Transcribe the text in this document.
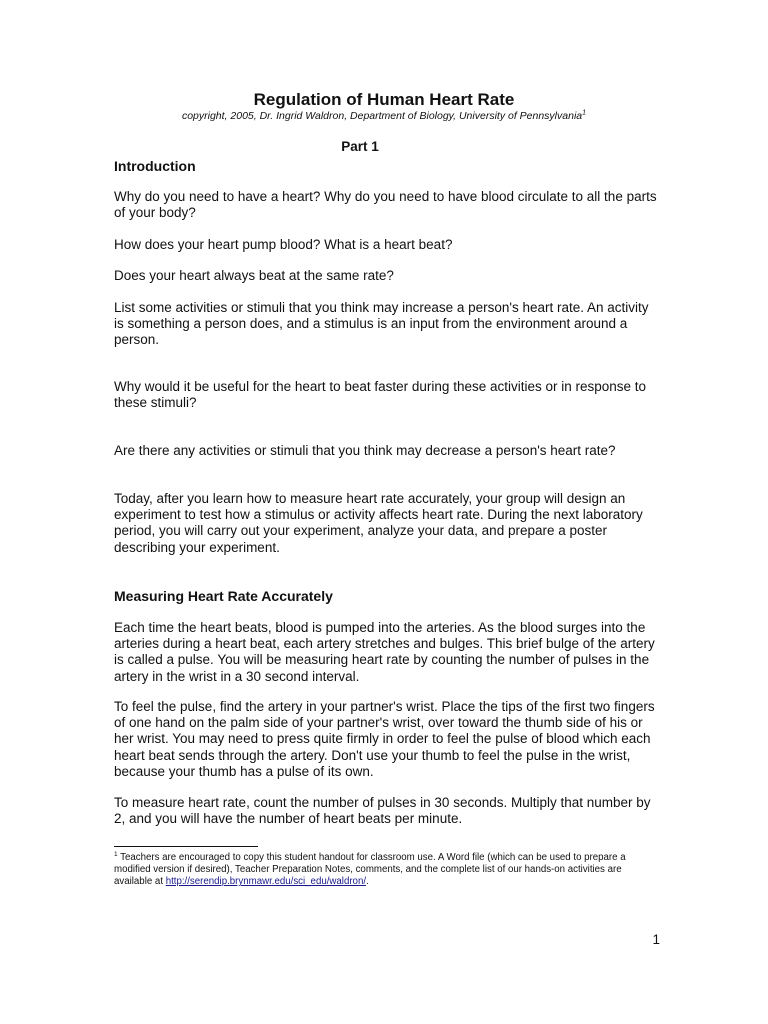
Regulation of Human Heart Rate
copyright, 2005, Dr. Ingrid Waldron, Department of Biology, University of Pennsylvania$^1$
Part 1
Introduction

Why do you need to have a heart? Why do you need to have blood circulate to all the parts of your body?

How does your heart pump blood? What is a heart beat?

Does your heart always beat at the same rate?

List some activities or stimuli that you think may increase a person's heart rate. An activity is something a person does, and a stimulus is an input from the environment around a person.

Why would it be useful for the heart to beat faster during these activities or in response to these stimuli?

Are there any activities or stimuli that you think may decrease a person's heart rate?

Today, after you learn how to measure heart rate accurately, your group will design an experiment to test how a stimulus or activity affects heart rate. During the next laboratory period, you will carry out your experiment, analyze your data, and prepare a poster describing your experiment.

Measuring Heart Rate Accurately

Each time the heart beats, blood is pumped into the arteries. As the blood surges into the arteries during a heart beat, each artery stretches and bulges. This brief bulge of the artery is called a pulse. You will be measuring heart rate by counting the number of pulses in the artery in the wrist in a 30 second interval.

To feel the pulse, find the artery in your partner's wrist. Place the tips of the first two fingers of one hand on the palm side of your partner's wrist, over toward the thumb side of his or her wrist. You may need to press quite firmly in order to feel the pulse of blood which each heart beat sends through the artery. Don't use your thumb to feel the pulse in the wrist, because your thumb has a pulse of its own.

To measure heart rate, count the number of pulses in 30 seconds. Multiply that number by 2, and you will have the number of heart beats per minute.

$^1$ Teachers are encouraged to copy this student handout for classroom use. A Word file (which can be used to prepare a modified version if desired), Teacher Preparation Notes, comments, and the complete list of our hands-on activities are available at http://serendip.brynmawr.edu/sci_edu/waldron/.
1
